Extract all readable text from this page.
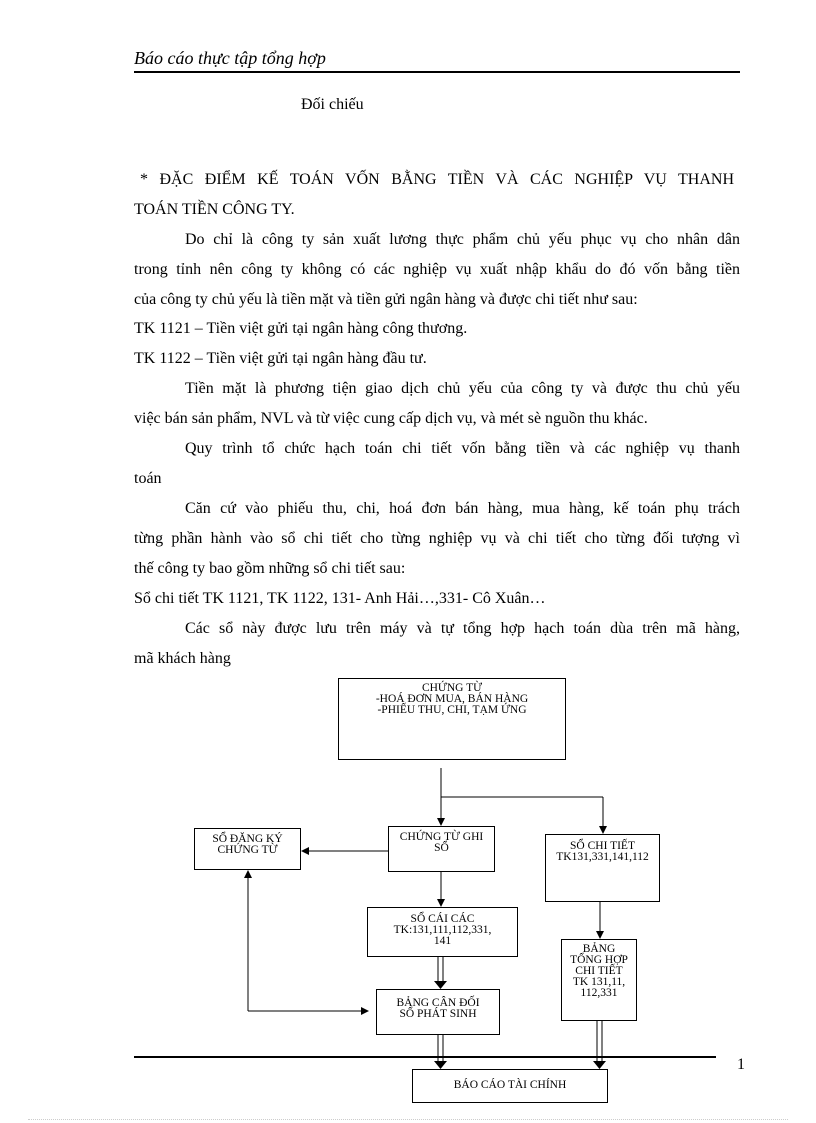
Báo cáo thực tập tổng hợp
Đối chiếu
* ĐẶC ĐIỂM KẾ TOÁN VỐN BẰNG TIỀN VÀ CÁC NGHIỆP VỤ THANH
TOÁN TIỀN CÔNG TY.
Do chỉ là công ty sản xuất lương thực phẩm chủ yếu phục vụ cho nhân dân
trong tỉnh nên công ty không có các nghiệp vụ xuất nhập khẩu do đó vốn bằng tiền
của công ty chủ yếu là tiền mặt và tiền gửi ngân hàng và được chi tiết như sau:
TK 1121 – Tiền việt gửi tại ngân hàng công thương.
TK 1122 – Tiền việt gửi tại ngân hàng đầu tư.
Tiền mặt là phương tiện giao dịch chủ yếu của công ty và được thu chủ yếu
việc bán sản phẩm, NVL và từ việc cung cấp dịch vụ, và mét sè nguồn thu khác.
Quy trình tổ chức hạch toán chi tiết vốn bằng tiền và các nghiệp vụ thanh
toán
Căn cứ vào phiếu thu, chi, hoá đơn bán hàng, mua hàng, kế toán phụ trách
từng phần hành vào sổ chi tiết cho từng nghiệp vụ và chi tiết cho từng đối tượng vì
thế công ty bao gồm những sổ chi tiết sau:
Sổ chi tiết TK 1121, TK 1122, 131- Anh Hải…,331- Cô Xuân…
Các sổ này được lưu trên máy và tự tổng hợp hạch toán dùa trên mã hàng,
mã khách hàng
CHỨNG TỪ
-HOÁ ĐƠN MUA, BÁN HÀNG
-PHIẾU THU, CHI, TẠM ỨNG
SỔ ĐĂNG KÝ
CHỨNG TỪ
CHỨNG TỪ GHI
SỔ	SỔ CHI TIẾT
TK131,331,141,112
SỔ CÁI CÁC
TK:131,111,112,331,
141
BẢNG
TỔNG HỢP
CHI TIẾT
TK 131,11,
112,331
BẢNG CÂN ĐỐI
SỔ PHÁT SINH
BÁO CÁO TÀI CHÍNH
1
